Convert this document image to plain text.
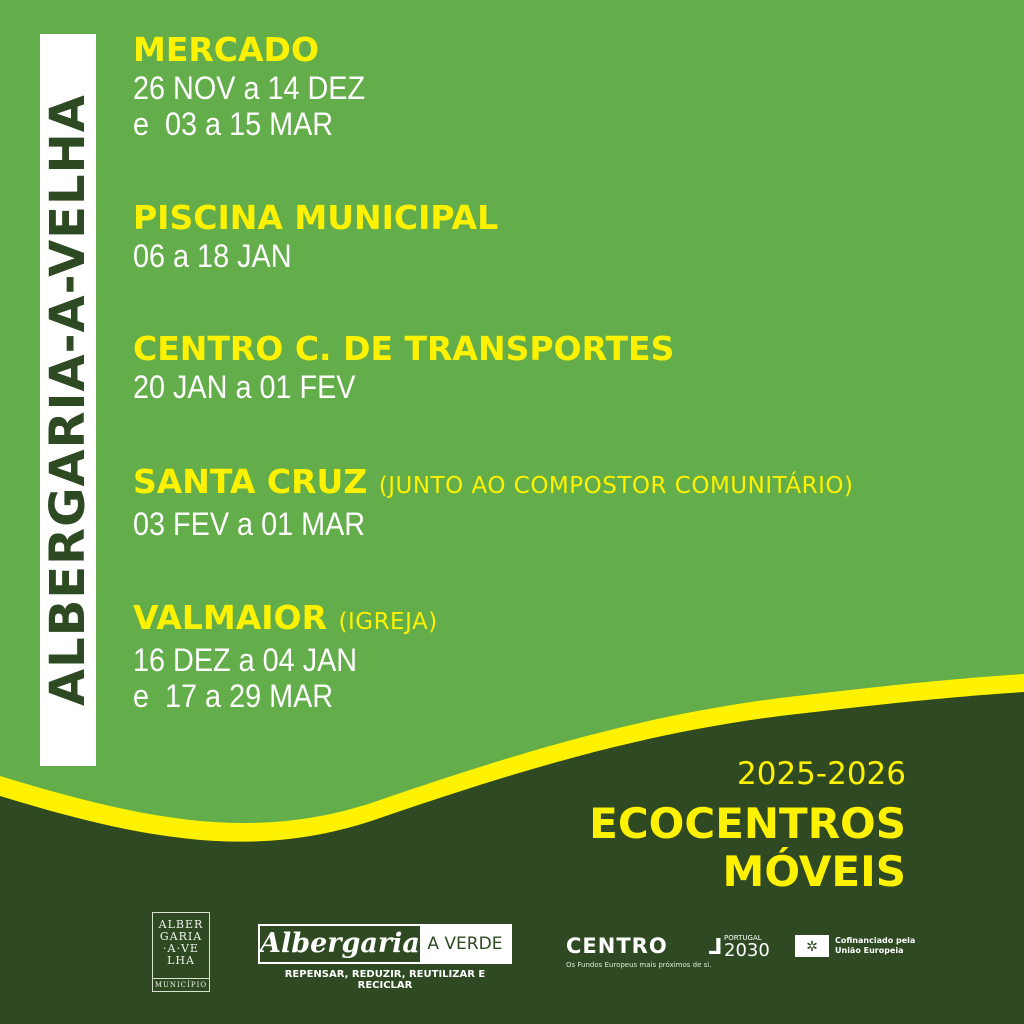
ALBERGARIA-A-VELHA
MERCADO
26 NOV a 14 DEZ
e  03 a 15 MAR
PISCINA MUNICIPAL
06 a 18 JAN
CENTRO C. DE TRANSPORTES
20 JAN a 01 FEV
SANTA CRUZ (JUNTO AO COMPOSTOR COMUNITÁRIO)
03 FEV a 01 MAR
VALMAIOR (IGREJA)
16 DEZ a 04 JAN
e  17 a 29 MAR
2025-2026
ECOCENTROS
MÓVEIS
ALBER
GARIA
·A·VE
LHA
MUNICÍPIO
Albergaria A VERDE
REPENSAR, REDUZIR, REUTILIZAR E RECICLAR
CENTRO
Os Fundos Europeus mais próximos de si.
⅃ PORTUGAL
2030	✲ Cofinanciado pela
União Europeia
